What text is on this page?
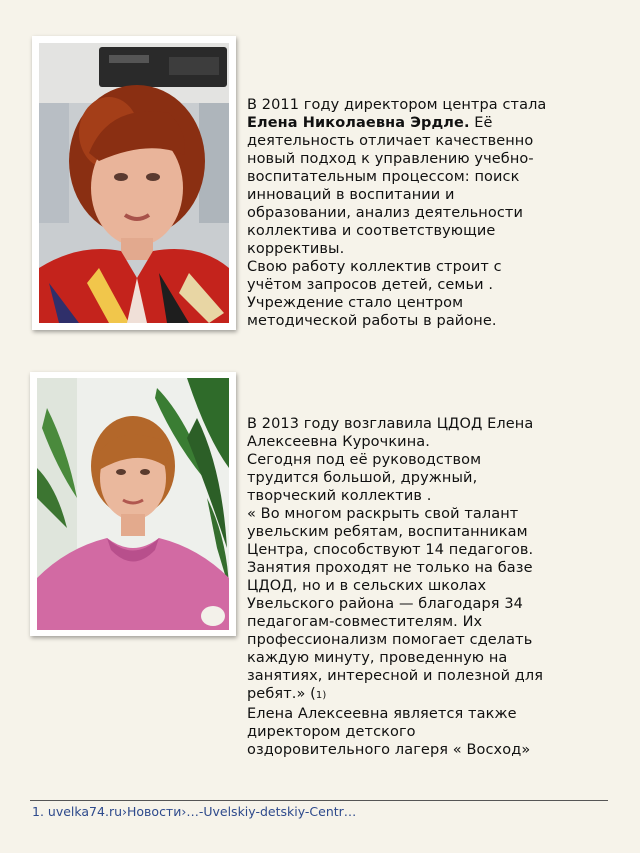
В 2011 году директором центра стала
Елена Николаевна Эрдле. Её
деятельность отличает качественно
новый подход к управлению учебно-
воспитательным процессом: поиск
инноваций в воспитании и
образовании, анализ деятельности
коллектива и соответствующие
коррективы.
Свою работу коллектив строит с
учётом запросов детей, семьи .
Учреждение стало центром
методической работы в районе.
В 2013 году возглавила ЦДОД Елена
Алексеевна Курочкина.
Сегодня под её руководством
трудится большой, дружный,
творческий коллектив .
« Во многом раскрыть свой талант
увельским ребятам, воспитанникам
Центра, способствуют 14 педагогов.
Занятия проходят не только на базе
ЦДОД, но и в сельских школах
Увельского района — благодаря 34
педагогам-совместителям. Их
профессионализм помогает сделать
каждую минуту, проведенную на
занятиях, интересной и полезной для
ребят.» (1)
Елена Алексеевна является также
директором детского
оздоровительного лагеря « Восход»
1. uvelka74.ru›Новости›…-Uvelskiy-detskiy-Centr…
